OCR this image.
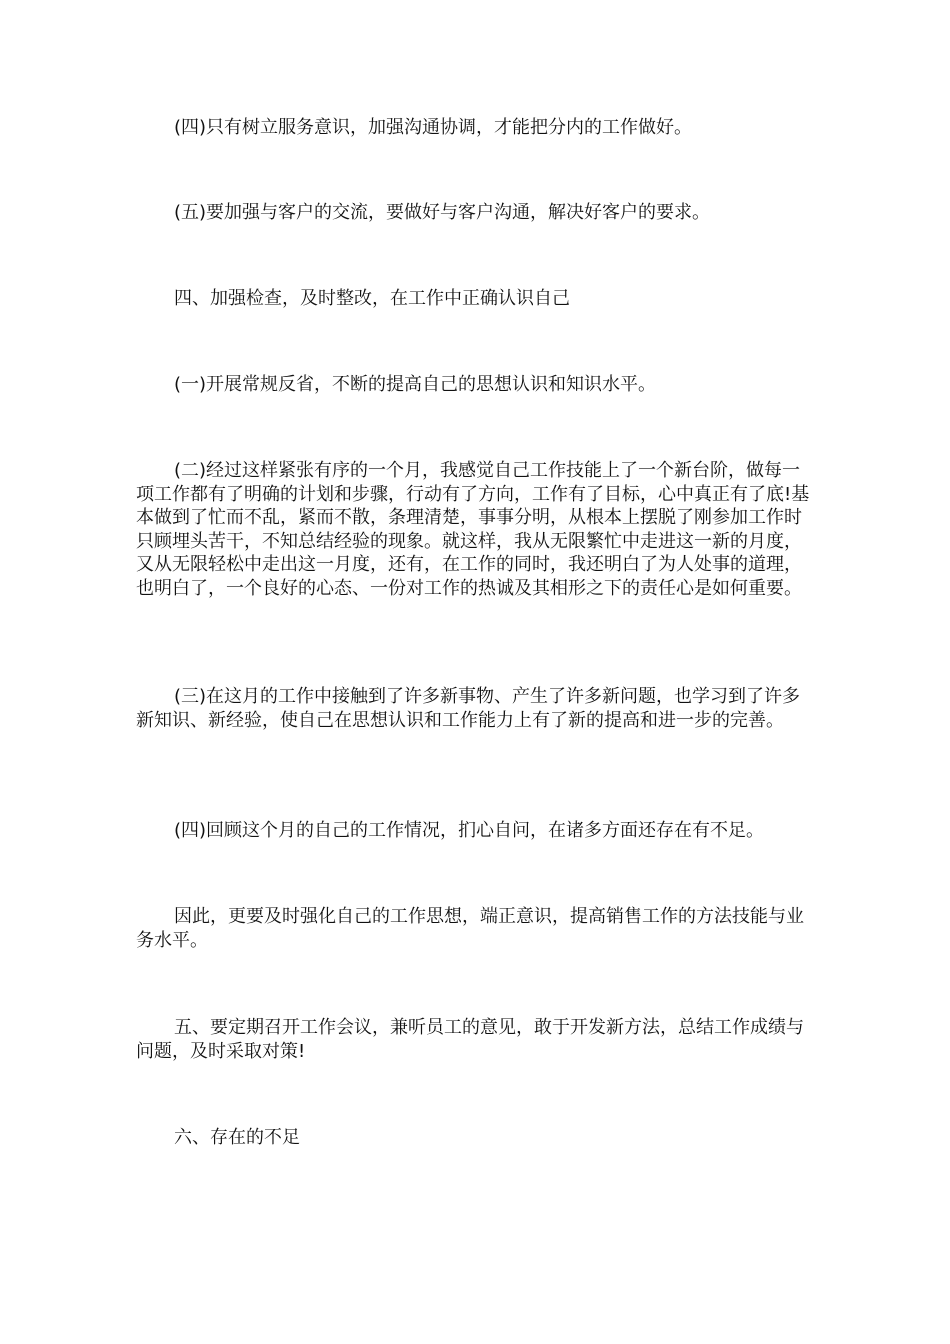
(四)只有树立服务意识，加强沟通协调，才能把分内的工作做好。

(五)要加强与客户的交流，要做好与客户沟通，解决好客户的要求。

四、加强检查，及时整改，在工作中正确认识自己

(一)开展常规反省，不断的提高自己的思想认识和知识水平。

(二)经过这样紧张有序的一个月，我感觉自己工作技能上了一个新台阶，做每一项工作都有了明确的计划和步骤，行动有了方向，工作有了目标，心中真正有了底!基本做到了忙而不乱，紧而不散，条理清楚，事事分明，从根本上摆脱了刚参加工作时只顾埋头苦干，不知总结经验的现象。就这样，我从无限繁忙中走进这一新的月度，又从无限轻松中走出这一月度，还有，在工作的同时，我还明白了为人处事的道理，也明白了，一个良好的心态、一份对工作的热诚及其相形之下的责任心是如何重要。

(三)在这月的工作中接触到了许多新事物、产生了许多新问题，也学习到了许多新知识、新经验，使自己在思想认识和工作能力上有了新的提高和进一步的完善。

(四)回顾这个月的自己的工作情况，扪心自问，在诸多方面还存在有不足。

因此，更要及时强化自己的工作思想，端正意识，提高销售工作的方法技能与业务水平。

五、要定期召开工作会议，兼听员工的意见，敢于开发新方法，总结工作成绩与问题，及时采取对策!

六、存在的不足
